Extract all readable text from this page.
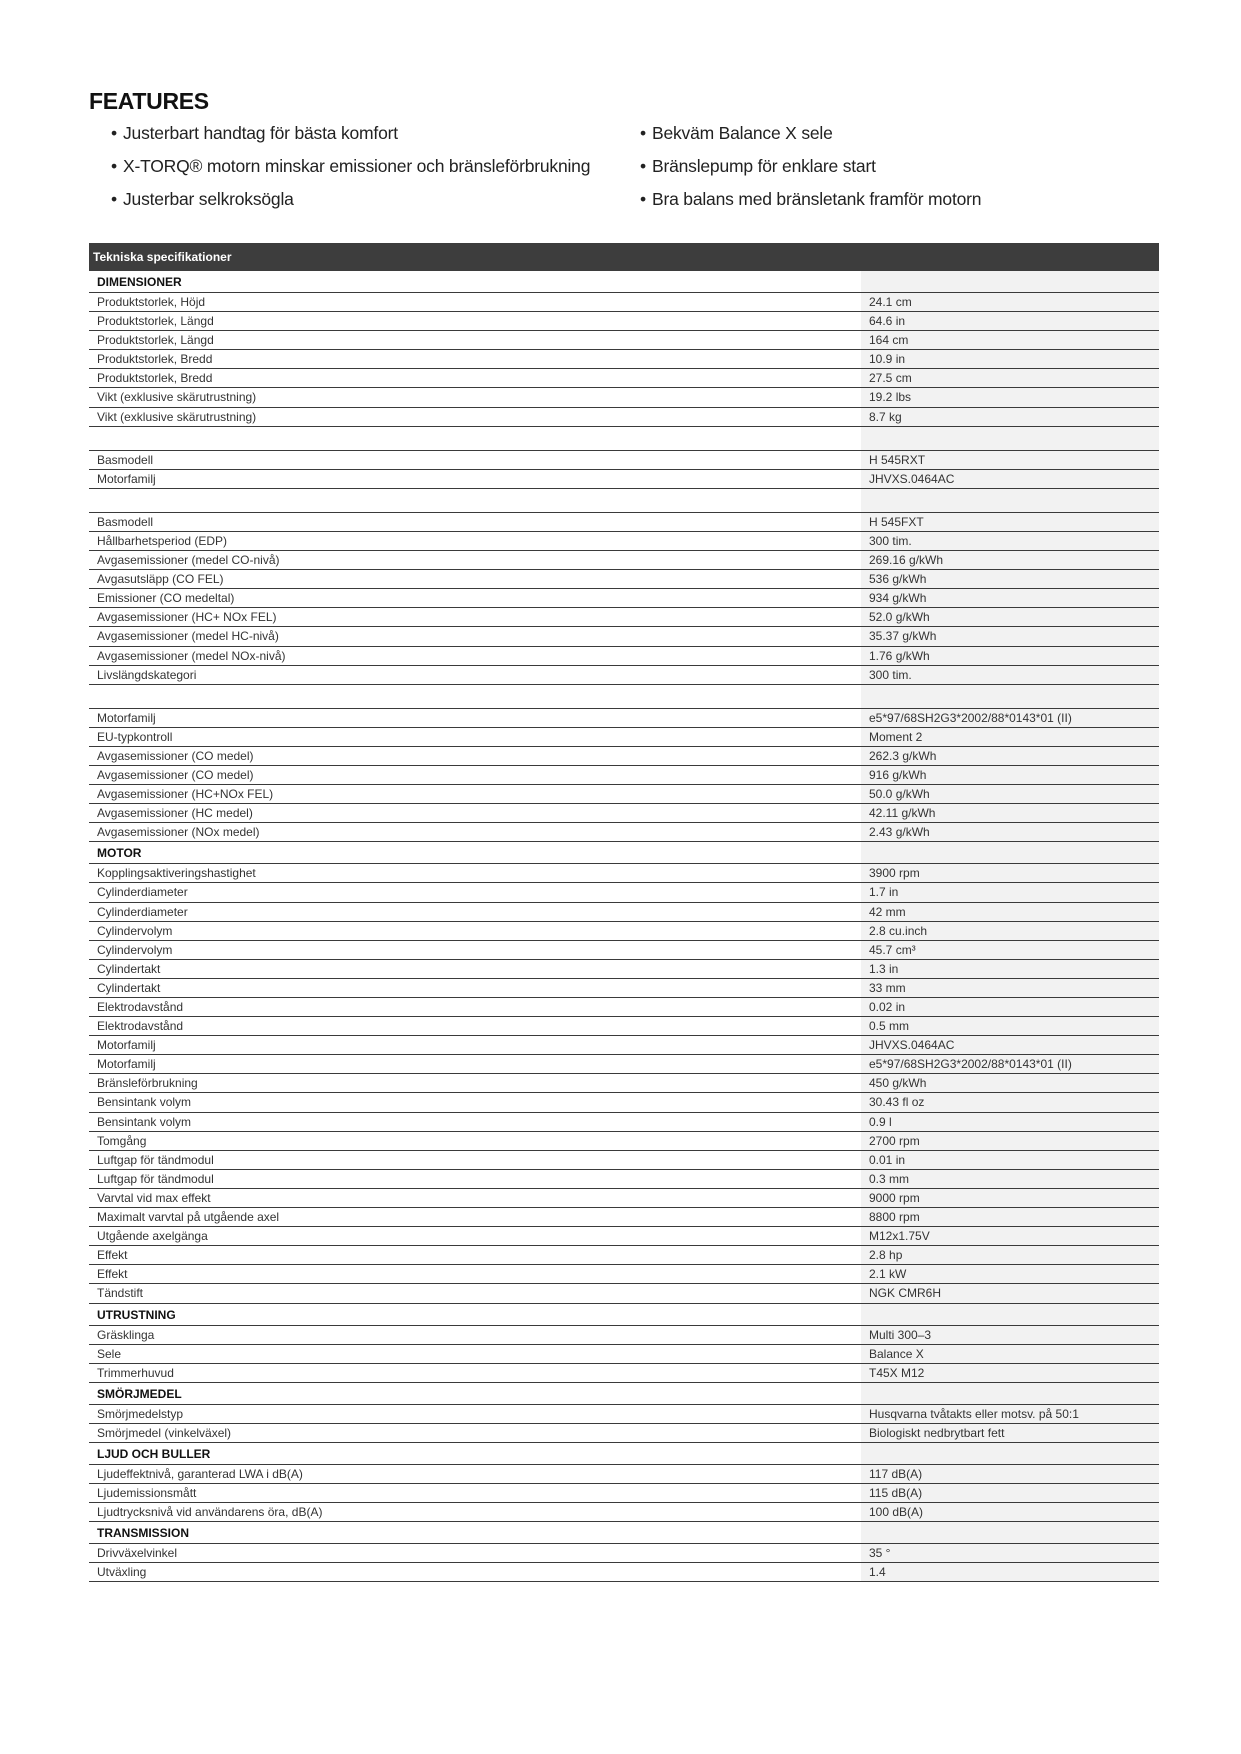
FEATURES
• Justerbart handtag för bästa komfort
• X-TORQ® motorn minskar emissioner och bränsleförbrukning
• Justerbar selkroksögla
• Bekväm Balance X sele
• Bränslepump för enklare start
• Bra balans med bränsletank framför motorn
Tekniska specifikationer
DIMENSIONER
Produktstorlek, Höjd	24.1 cm
Produktstorlek, Längd	64.6 in
Produktstorlek, Längd	164 cm
Produktstorlek, Bredd	10.9 in
Produktstorlek, Bredd	27.5 cm
Vikt (exklusive skärutrustning)	19.2 lbs
Vikt (exklusive skärutrustning)	8.7 kg
Basmodell	H 545RXT
Motorfamilj	JHVXS.0464AC
Basmodell	H 545FXT
Hållbarhetsperiod (EDP)	300 tim.
Avgasemissioner (medel CO-nivå)	269.16 g/kWh
Avgasutsläpp (CO FEL)	536 g/kWh
Emissioner (CO medeltal)	934 g/kWh
Avgasemissioner (HC+ NOx FEL)	52.0 g/kWh
Avgasemissioner (medel HC-nivå)	35.37 g/kWh
Avgasemissioner (medel NOx-nivå)	1.76 g/kWh
Livslängdskategori	300 tim.
Motorfamilj	e5*97/68SH2G3*2002/88*0143*01 (II)
EU-typkontroll	Moment 2
Avgasemissioner (CO medel)	262.3 g/kWh
Avgasemissioner (CO medel)	916 g/kWh
Avgasemissioner (HC+NOx FEL)	50.0 g/kWh
Avgasemissioner (HC medel)	42.11 g/kWh
Avgasemissioner (NOx medel)	2.43 g/kWh
MOTOR
Kopplingsaktiveringshastighet	3900 rpm
Cylinderdiameter	1.7 in
Cylinderdiameter	42 mm
Cylindervolym	2.8 cu.inch
Cylindervolym	45.7 cm³
Cylindertakt	1.3 in
Cylindertakt	33 mm
Elektrodavstånd	0.02 in
Elektrodavstånd	0.5 mm
Motorfamilj	JHVXS.0464AC
Motorfamilj	e5*97/68SH2G3*2002/88*0143*01 (II)
Bränsleförbrukning	450 g/kWh
Bensintank volym	30.43 fl oz
Bensintank volym	0.9 l
Tomgång	2700 rpm
Luftgap för tändmodul	0.01 in
Luftgap för tändmodul	0.3 mm
Varvtal vid max effekt	9000 rpm
Maximalt varvtal på utgående axel	8800 rpm
Utgående axelgänga	M12x1.75V
Effekt	2.8 hp
Effekt	2.1 kW
Tändstift	NGK CMR6H
UTRUSTNING
Gräsklinga	Multi 300–3
Sele	Balance X
Trimmerhuvud	T45X M12
SMÖRJMEDEL
Smörjmedelstyp	Husqvarna tvåtakts eller motsv. på 50:1
Smörjmedel (vinkelväxel)	Biologiskt nedbrytbart fett
LJUD OCH BULLER
Ljudeffektnivå, garanterad LWA i dB(A)	117 dB(A)
Ljudemissionsmått	115 dB(A)
Ljudtrycksnivå vid användarens öra, dB(A)	100 dB(A)
TRANSMISSION
Drivväxelvinkel	35 °
Utväxling	1.4
